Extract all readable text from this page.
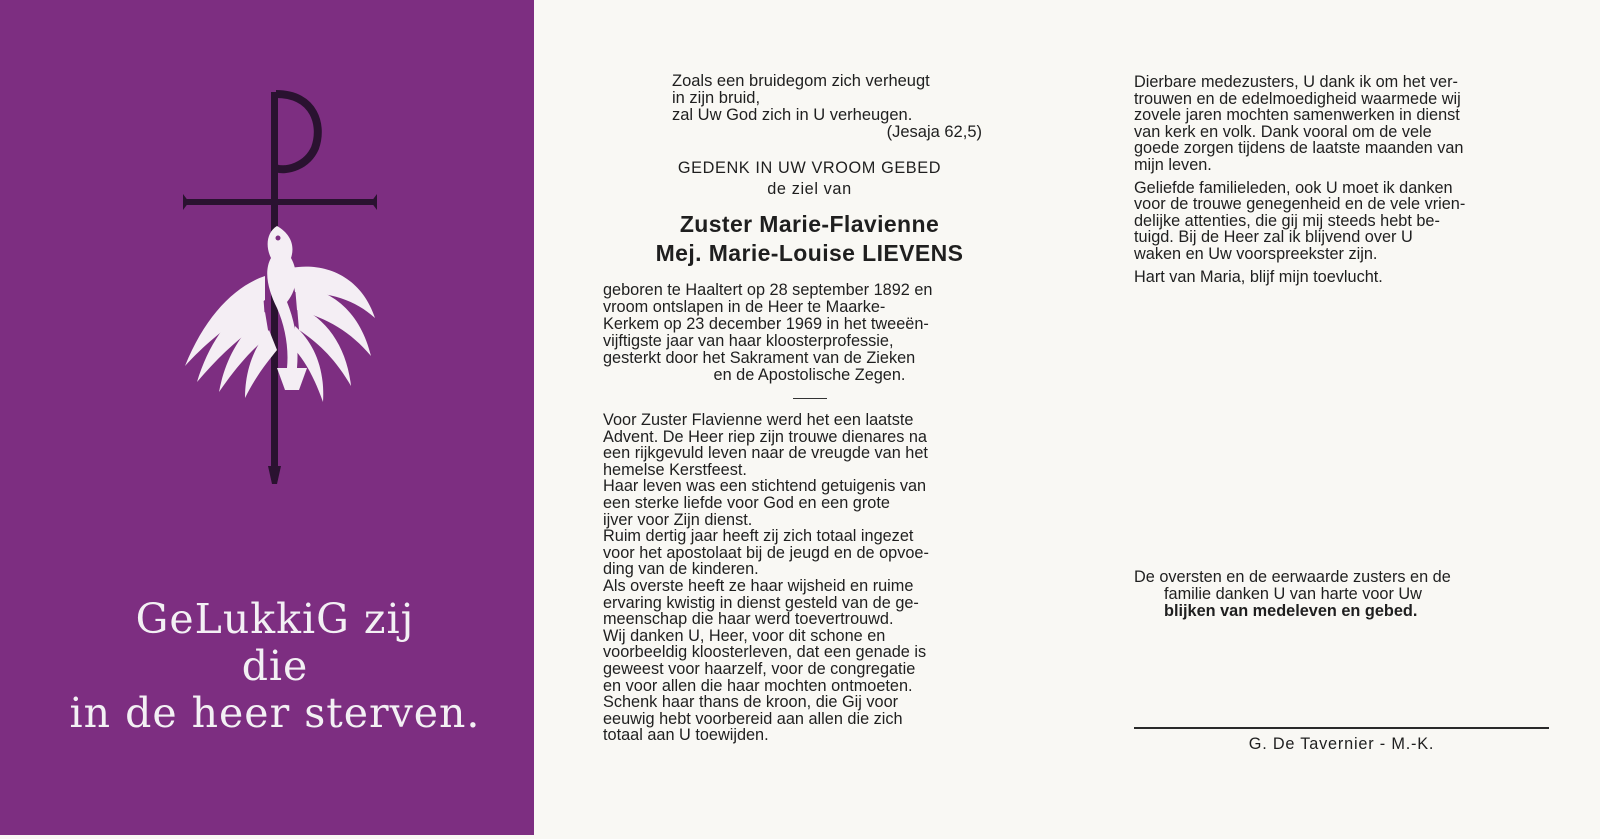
GeLukkiG zij
die
in de heer sterven.
Zoals een bruidegom zich verheugt
in zijn bruid,
zal Uw God zich in U verheugen.
(Jesaja 62,5)
GEDENK IN UW VROOM GEBED
de ziel van
Zuster Marie-Flavienne
Mej. Marie-Louise LIEVENS
geboren te Haaltert op 28 september 1892 en
vroom ontslapen in de Heer te Maarke-
Kerkem op 23 december 1969 in het tweeën-
vijftigste jaar van haar kloosterprofessie,
gesterkt door het Sakrament van de Zieken
en de Apostolische Zegen.
Voor Zuster Flavienne werd het een laatste
Advent. De Heer riep zijn trouwe dienares na
een rijkgevuld leven naar de vreugde van het
hemelse Kerstfeest.
Haar leven was een stichtend getuigenis van
een sterke liefde voor God en een grote
ijver voor Zijn dienst.
Ruim dertig jaar heeft zij zich totaal ingezet
voor het apostolaat bij de jeugd en de opvoe-
ding van de kinderen.
Als overste heeft ze haar wijsheid en ruime
ervaring kwistig in dienst gesteld van de ge-
meenschap die haar werd toevertrouwd.
Wij danken U, Heer, voor dit schone en
voorbeeldig kloosterleven, dat een genade is
geweest voor haarzelf, voor de congregatie
en voor allen die haar mochten ontmoeten.
Schenk haar thans de kroon, die Gij voor
eeuwig hebt voorbereid aan allen die zich
totaal aan U toewijden.

Dierbare medezusters, U dank ik om het ver-
trouwen en de edelmoedigheid waarmede wij
zovele jaren mochten samenwerken in dienst
van kerk en volk. Dank vooral om de vele
goede zorgen tijdens de laatste maanden van
mijn leven.

Geliefde familieleden, ook U moet ik danken
voor de trouwe genegenheid en de vele vrien-
delijke attenties, die gij mij steeds hebt be-
tuigd. Bij de Heer zal ik blijvend over U
waken en Uw voorspreekster zijn.

Hart van Maria, blijf mijn toevlucht.

De oversten en de eerwaarde zusters en de
familie danken U van harte voor Uw
blijken van medeleven en gebed.
G. De Tavernier - M.-K.
